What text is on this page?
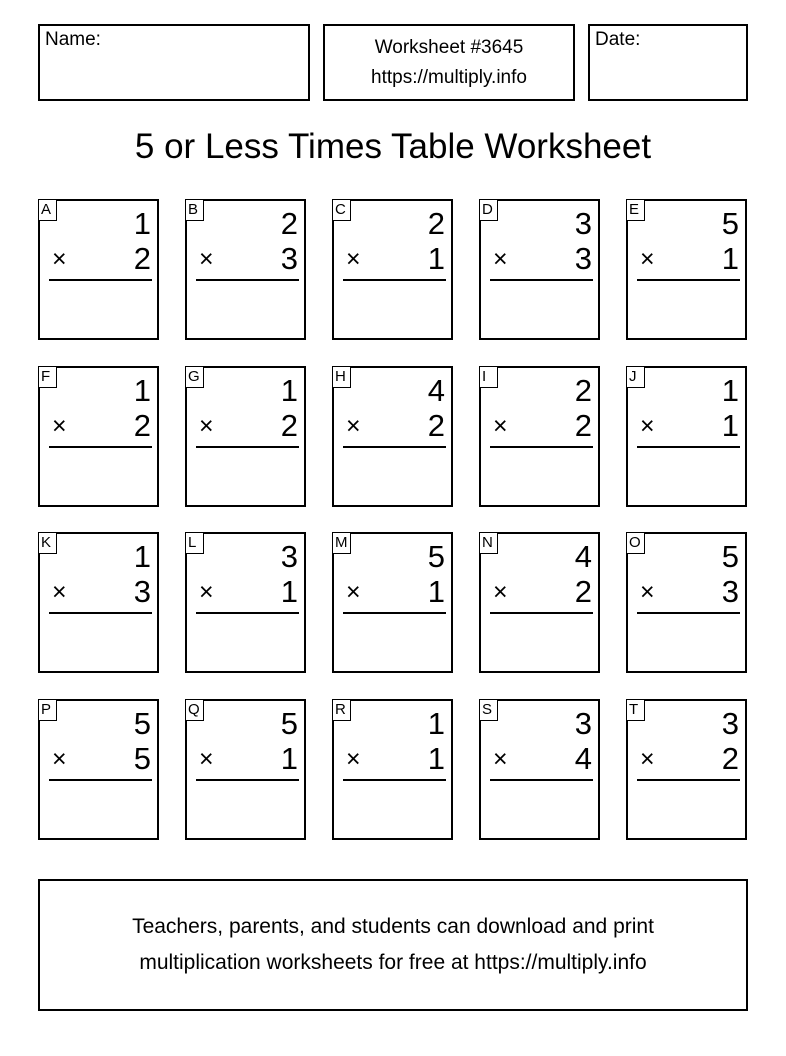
Name:	Worksheet #3645
https://multiply.info
Date:
5 or Less Times Table Worksheet
A	1
× 2
B	2
× 3
C	2
× 1
D	3
× 3
E	5
× 1
F	1
× 2
G	1
× 2
H	4
× 2
I	2
× 2
J	1
× 1
K	1
× 3
L	3
× 1
M	5
× 1
N	4
× 2
O	5
× 3
P	5
× 5
Q	5
× 1
R	1
× 1
S	3
× 4
T	3
× 2
Teachers, parents, and students can download and print
multiplication worksheets for free at https://multiply.info
